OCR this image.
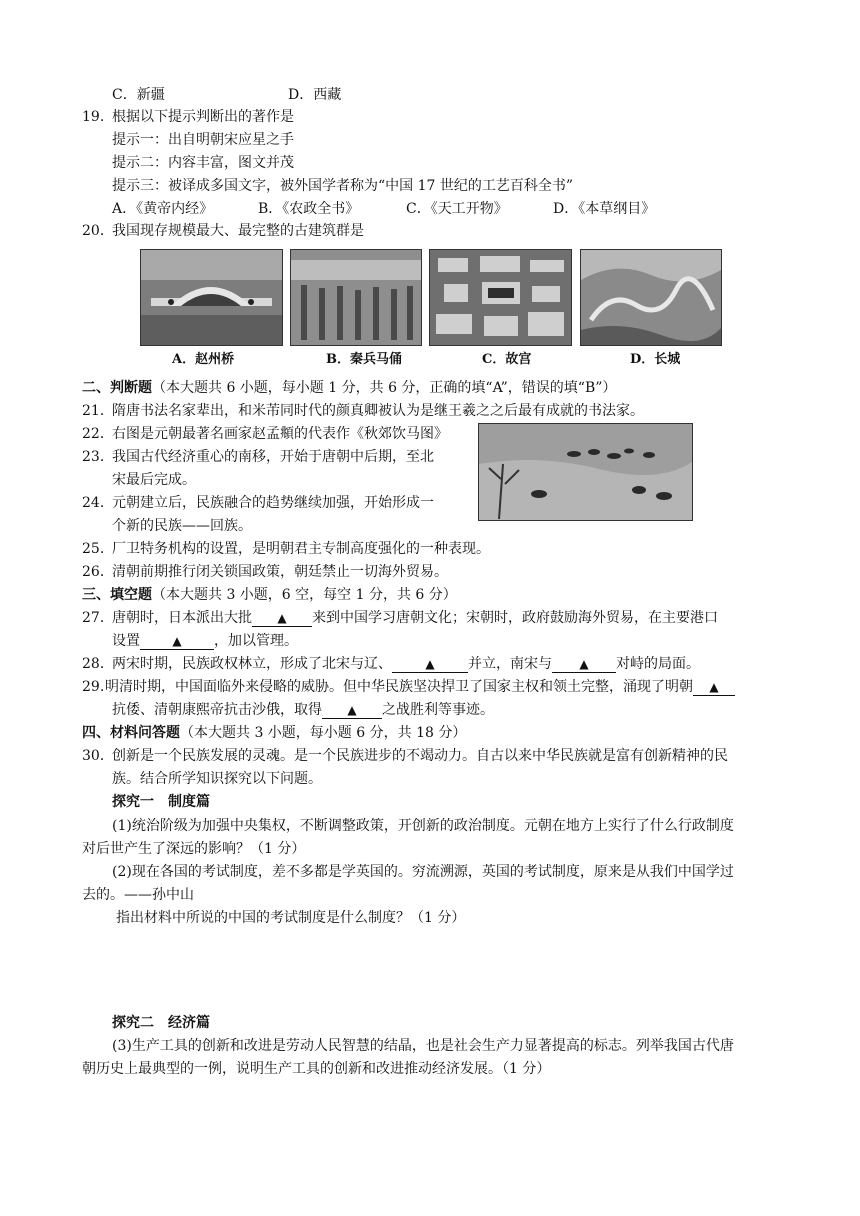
C．新疆	D．西藏
19．
根据以下提示判断出的著作是
提示一：出自明朝宋应星之手
提示二：内容丰富，图文并茂
提示三：被译成多国文字，被外国学者称为“中国 17 世纪的工艺百科全书”
A．《黄帝内经》	B．《农政全书》	C．《天工开物》	D．《本草纲目》
20．
我国现存规模最大、最完整的古建筑群是
A．赵州桥	B．秦兵马俑	C．故宫	D．长城
二、判断题（本大题共 6 小题，每小题 1 分，共 6 分，正确的填“A”，错误的填“B”）
21．
隋唐书法名家辈出，和米芾同时代的颜真卿被认为是继王羲之之后最有成就的书法家。
22．
右图是元朝最著名画家赵孟頫的代表作《秋郊饮马图》
23．
我国古代经济重心的南移，开始于唐朝中后期，至北
宋最后完成。
24．
元朝建立后，民族融合的趋势继续加强，开始形成一
个新的民族——回族。
25．
厂卫特务机构的设置，是明朝君主专制高度强化的一种表现。
26．
清朝前期推行闭关锁国政策，朝廷禁止一切海外贸易。
三、填空题（本大题共 3 小题，6 空，每空 1 分，共 6 分）
27．
唐朝时，日本派出大批 ▲ 来到中国学习唐朝文化；宋朝时，政府鼓励海外贸易，在主要港口
设置	▲ ，加以管理。
28．
两宋时期，民族政权林立，形成了北宋与辽、	▲ 并立，南宋与 ▲ 对峙的局面。
29. 明清时期，中国面临外来侵略的威胁。但中华民族坚决捍卫了国家主权和领土完整，涌现了明朝 ▲
抗倭、清朝康熙帝抗击沙俄，取得 ▲ 之战胜利等事迹。
四、材料问答题（本大题共 3 小题，每小题 6 分，共 18 分）
30．
创新是一个民族发展的灵魂。是一个民族进步的不竭动力。自古以来中华民族就是富有创新精神的民
族。结合所学知识探究以下问题。
探究一　制度篇
(1)统治阶级为加强中央集权，不断调整政策，开创新的政治制度。元朝在地方上实行了什么行政制度
对后世产生了深远的影响？（1 分）
(2)现在各国的考试制度，差不多都是学英国的。穷流溯源，英国的考试制度，原来是从我们中国学过
去的。——孙中山
指出材料中所说的中国的考试制度是什么制度？（1 分）
探究二　经济篇
(3)生产工具的创新和改进是劳动人民智慧的结晶，也是社会生产力显著提高的标志。列举我国古代唐
朝历史上最典型的一例，说明生产工具的创新和改进推动经济发展。（1 分）
